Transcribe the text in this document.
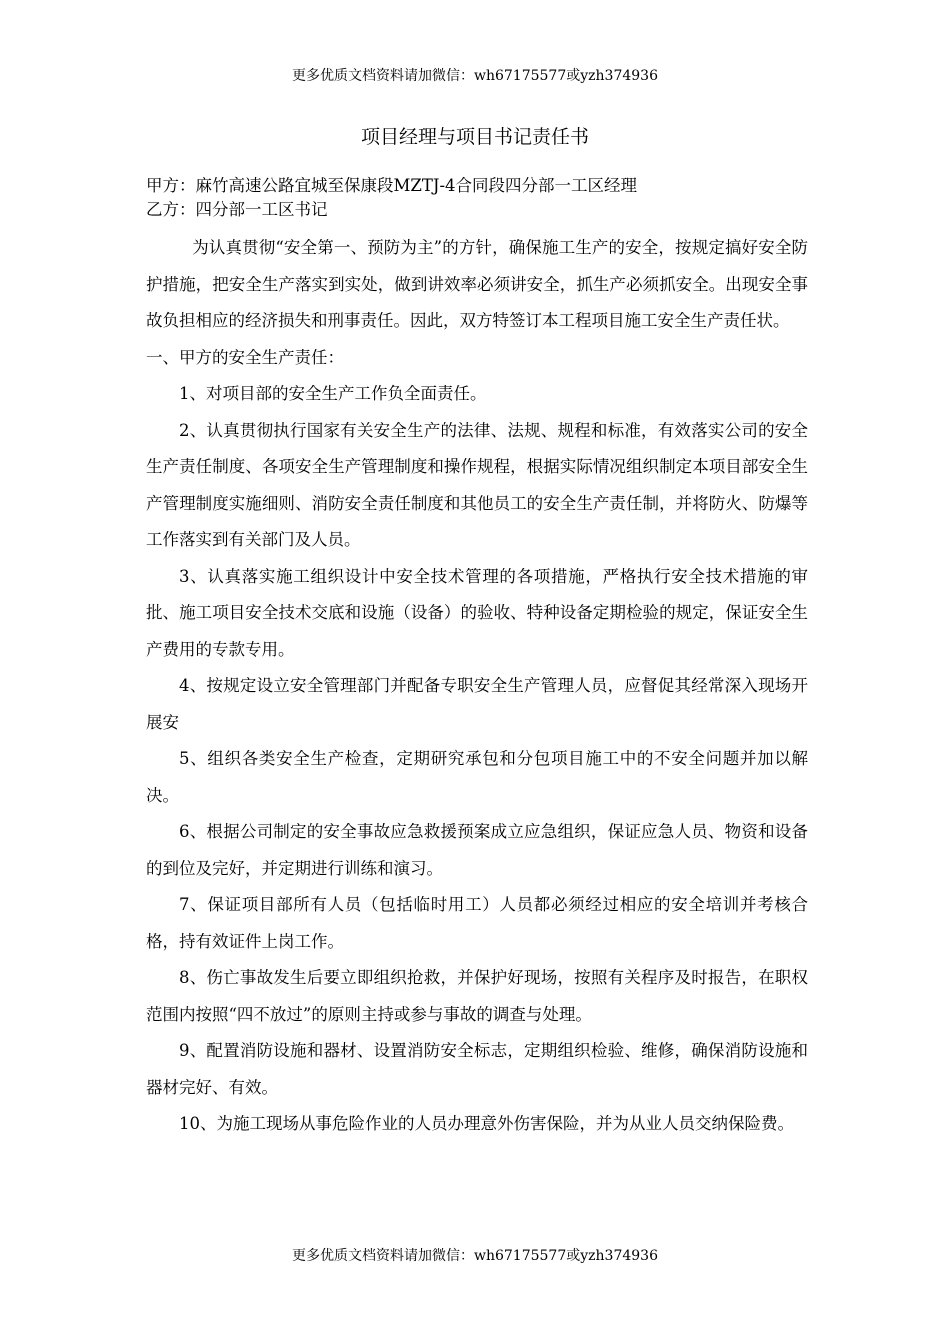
更多优质文档资料请加微信：wh67175577或yzh374936
项目经理与项目书记责任书

甲方：麻竹高速公路宜城至保康段MZTJ-4合同段四分部一工区经理

乙方：四分部一工区书记

为认真贯彻“安全第一、预防为主”的方针，确保施工生产的安全，按规定搞好安全防护措施，把安全生产落实到实处，做到讲效率必须讲安全，抓生产必须抓安全。出现安全事故负担相应的经济损失和刑事责任。因此，双方特签订本工程项目施工安全生产责任状。

一、甲方的安全生产责任：

1、对项目部的安全生产工作负全面责任。

2、认真贯彻执行国家有关安全生产的法律、法规、规程和标准，有效落实公司的安全生产责任制度、各项安全生产管理制度和操作规程，根据实际情况组织制定本项目部安全生产管理制度实施细则、消防安全责任制度和其他员工的安全生产责任制，并将防火、防爆等工作落实到有关部门及人员。

3、认真落实施工组织设计中安全技术管理的各项措施，严格执行安全技术措施的审批、施工项目安全技术交底和设施（设备）的验收、特种设备定期检验的规定，保证安全生产费用的专款专用。

4、按规定设立安全管理部门并配备专职安全生产管理人员，应督促其经常深入现场开展安

5、组织各类安全生产检查，定期研究承包和分包项目施工中的不安全问题并加以解决。

6、根据公司制定的安全事故应急救援预案成立应急组织，保证应急人员、物资和设备的到位及完好，并定期进行训练和演习。

7、保证项目部所有人员（包括临时用工）人员都必须经过相应的安全培训并考核合格，持有效证件上岗工作。

8、伤亡事故发生后要立即组织抢救，并保护好现场，按照有关程序及时报告，在职权范围内按照“四不放过”的原则主持或参与事故的调查与处理。

9、配置消防设施和器材、设置消防安全标志，定期组织检验、维修，确保消防设施和器材完好、有效。

10、为施工现场从事危险作业的人员办理意外伤害保险，并为从业人员交纳保险费。

更多优质文档资料请加微信：wh67175577或yzh374936
